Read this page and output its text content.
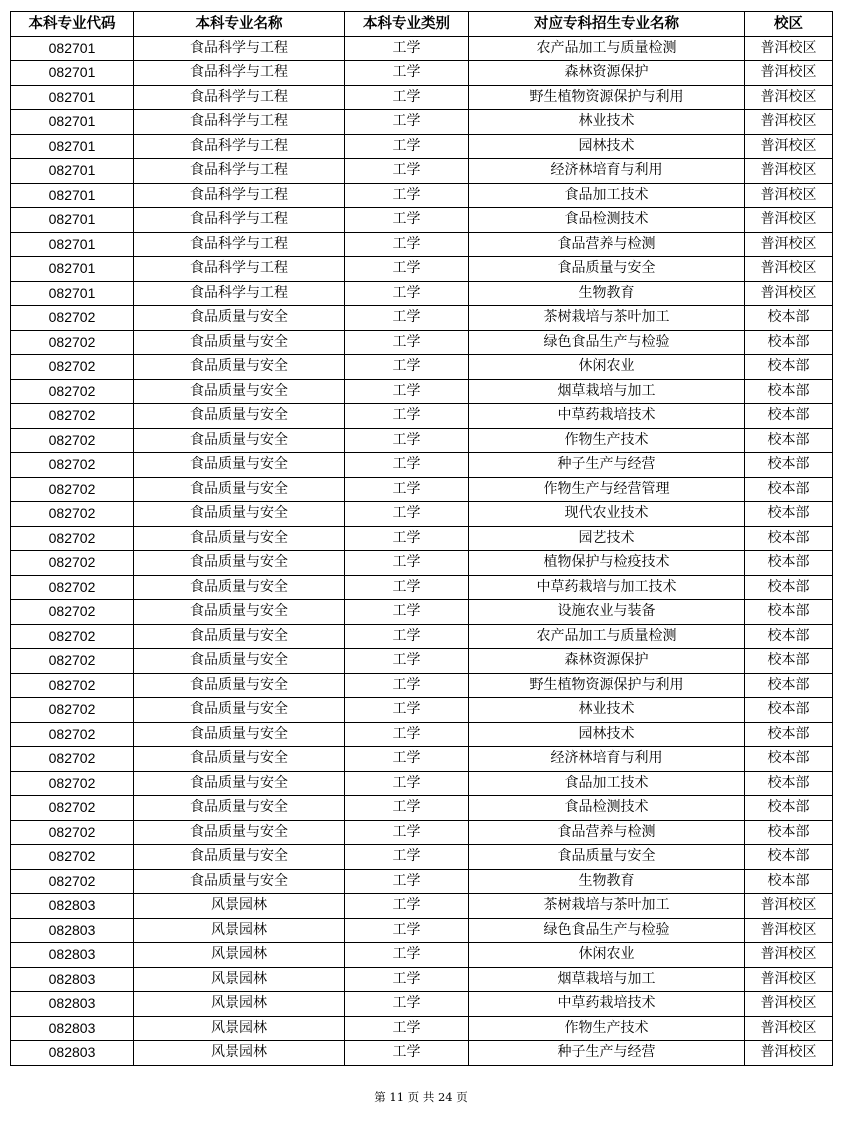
本科专业代码	本科专业名称	本科专业类别	对应专科招生专业名称	校区
082701	食品科学与工程	工学	农产品加工与质量检测	普洱校区
082701	食品科学与工程	工学	森林资源保护	普洱校区
082701	食品科学与工程	工学	野生植物资源保护与利用	普洱校区
082701	食品科学与工程	工学	林业技术	普洱校区
082701	食品科学与工程	工学	园林技术	普洱校区
082701	食品科学与工程	工学	经济林培育与利用	普洱校区
082701	食品科学与工程	工学	食品加工技术	普洱校区
082701	食品科学与工程	工学	食品检测技术	普洱校区
082701	食品科学与工程	工学	食品营养与检测	普洱校区
082701	食品科学与工程	工学	食品质量与安全	普洱校区
082701	食品科学与工程	工学	生物教育	普洱校区
082702	食品质量与安全	工学	茶树栽培与茶叶加工	校本部
082702	食品质量与安全	工学	绿色食品生产与检验	校本部
082702	食品质量与安全	工学	休闲农业	校本部
082702	食品质量与安全	工学	烟草栽培与加工	校本部
082702	食品质量与安全	工学	中草药栽培技术	校本部
082702	食品质量与安全	工学	作物生产技术	校本部
082702	食品质量与安全	工学	种子生产与经营	校本部
082702	食品质量与安全	工学	作物生产与经营管理	校本部
082702	食品质量与安全	工学	现代农业技术	校本部
082702	食品质量与安全	工学	园艺技术	校本部
082702	食品质量与安全	工学	植物保护与检疫技术	校本部
082702	食品质量与安全	工学	中草药栽培与加工技术	校本部
082702	食品质量与安全	工学	设施农业与装备	校本部
082702	食品质量与安全	工学	农产品加工与质量检测	校本部
082702	食品质量与安全	工学	森林资源保护	校本部
082702	食品质量与安全	工学	野生植物资源保护与利用	校本部
082702	食品质量与安全	工学	林业技术	校本部
082702	食品质量与安全	工学	园林技术	校本部
082702	食品质量与安全	工学	经济林培育与利用	校本部
082702	食品质量与安全	工学	食品加工技术	校本部
082702	食品质量与安全	工学	食品检测技术	校本部
082702	食品质量与安全	工学	食品营养与检测	校本部
082702	食品质量与安全	工学	食品质量与安全	校本部
082702	食品质量与安全	工学	生物教育	校本部
082803	风景园林	工学	茶树栽培与茶叶加工	普洱校区
082803	风景园林	工学	绿色食品生产与检验	普洱校区
082803	风景园林	工学	休闲农业	普洱校区
082803	风景园林	工学	烟草栽培与加工	普洱校区
082803	风景园林	工学	中草药栽培技术	普洱校区
082803	风景园林	工学	作物生产技术	普洱校区
082803	风景园林	工学	种子生产与经营	普洱校区
第 11 页 共 24 页
